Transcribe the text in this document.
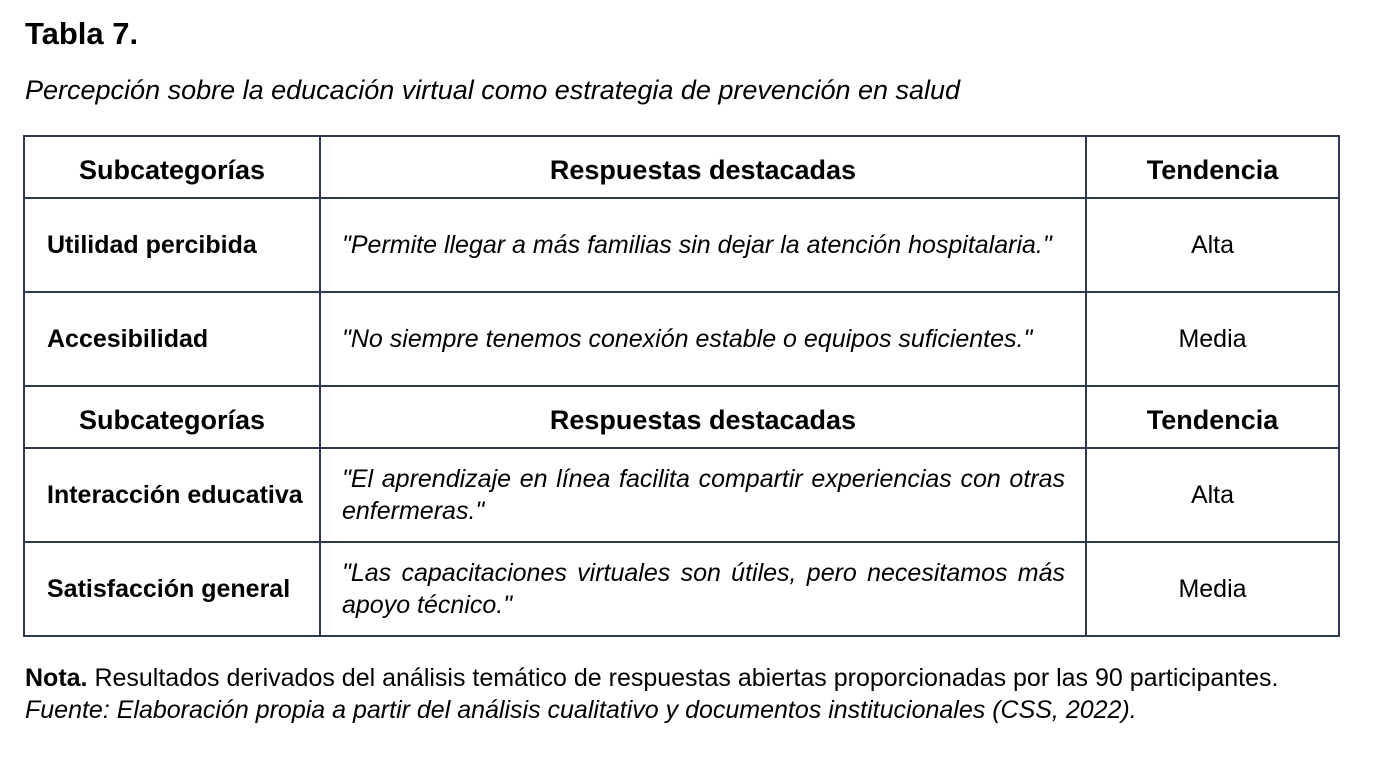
Tabla 7.
Percepción sobre la educación virtual como estrategia de prevención en salud
Subcategorías	Respuestas destacadas	Tendencia
Utilidad percibida	"Permite llegar a más familias sin dejar la atención hospitalaria."	Alta
Accesibilidad	"No siempre tenemos conexión estable o equipos suficientes."	Media
Subcategorías	Respuestas destacadas	Tendencia
Interacción educativa	"El aprendizaje en línea facilita compartir experiencias con otras enfermeras."	Alta
Satisfacción general	"Las capacitaciones virtuales son útiles, pero necesitamos más apoyo técnico."	Media
Nota. Resultados derivados del análisis temático de respuestas abiertas proporcionadas por las 90 participantes. Fuente: Elaboración propia a partir del análisis cualitativo y documentos institucionales (CSS, 2022).
